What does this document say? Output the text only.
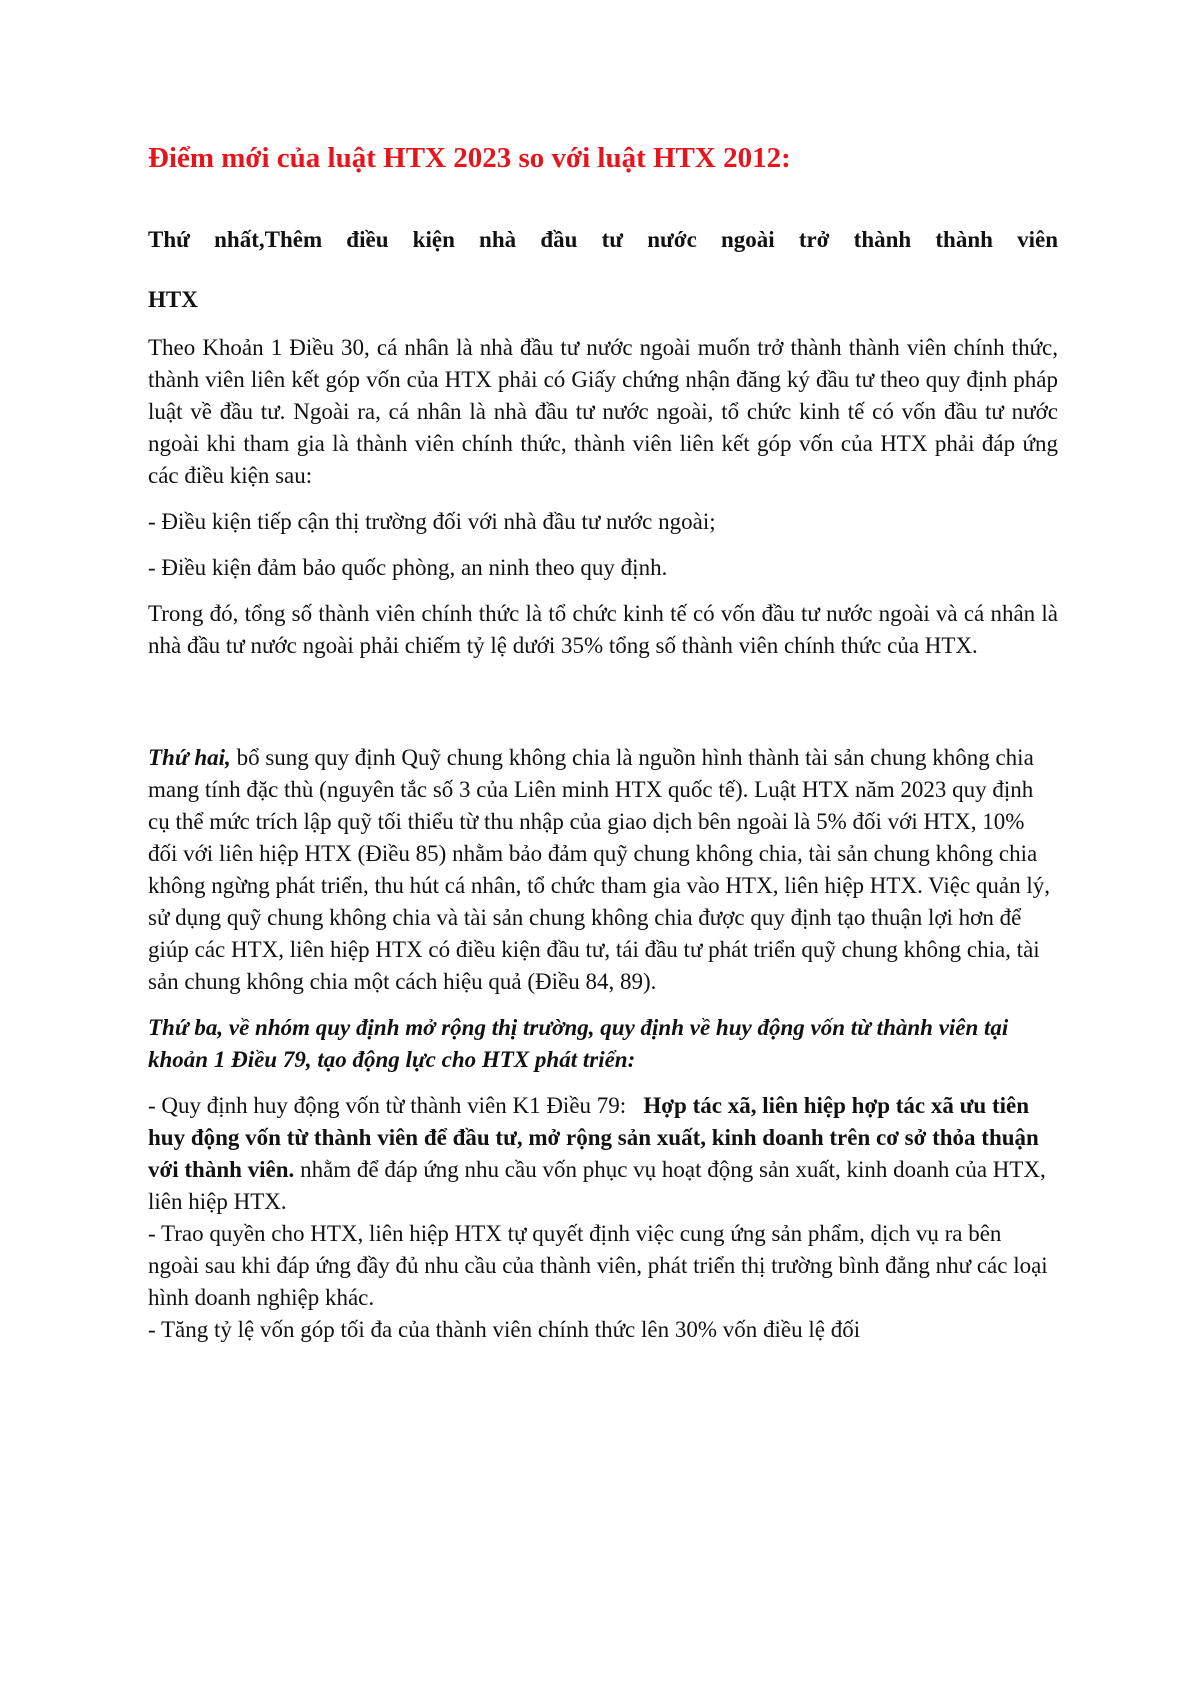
Điểm mới của luật HTX 2023 so với luật HTX 2012:
Thứ nhất,Thêm điều kiện nhà đầu tư nước ngoài trở thành thành viên
HTX

Theo Khoản 1 Điều 30, cá nhân là nhà đầu tư nước ngoài muốn trở thành thành viên chính thức, thành viên liên kết góp vốn của HTX phải có Giấy chứng nhận đăng ký đầu tư theo quy định pháp luật về đầu tư. Ngoài ra, cá nhân là nhà đầu tư nước ngoài, tổ chức kinh tế có vốn đầu tư nước ngoài khi tham gia là thành viên chính thức, thành viên liên kết góp vốn của HTX phải đáp ứng các điều kiện sau:

- Điều kiện tiếp cận thị trường đối với nhà đầu tư nước ngoài;

- Điều kiện đảm bảo quốc phòng, an ninh theo quy định.

Trong đó, tổng số thành viên chính thức là tổ chức kinh tế có vốn đầu tư nước ngoài và cá nhân là nhà đầu tư nước ngoài phải chiếm tỷ lệ dưới 35% tổng số thành viên chính thức của HTX.

Thứ hai, bổ sung quy định Quỹ chung không chia là nguồn hình thành tài sản chung không chia mang tính đặc thù (nguyên tắc số 3 của Liên minh HTX quốc tế). Luật HTX năm 2023 quy định cụ thể mức trích lập quỹ tối thiểu từ thu nhập của giao dịch bên ngoài là 5% đối với HTX, 10% đối với liên hiệp HTX (Điều 85) nhằm bảo đảm quỹ chung không chia, tài sản chung không chia không ngừng phát triển, thu hút cá nhân, tổ chức tham gia vào HTX, liên hiệp HTX. Việc quản lý, sử dụng quỹ chung không chia và tài sản chung không chia được quy định tạo thuận lợi hơn để giúp các HTX, liên hiệp HTX có điều kiện đầu tư, tái đầu tư phát triển quỹ chung không chia, tài sản chung không chia một cách hiệu quả (Điều 84, 89).

Thứ ba, về nhóm quy định mở rộng thị trường, quy định về huy động vốn từ thành viên tại khoản 1 Điều 79, tạo động lực cho HTX phát triển:

- Quy định huy động vốn từ thành viên K1 Điều 79:   Hợp tác xã, liên hiệp hợp tác xã ưu tiên huy động vốn từ thành viên để đầu tư, mở rộng sản xuất, kinh doanh trên cơ sở thỏa thuận với thành viên. nhằm để đáp ứng nhu cầu vốn phục vụ hoạt động sản xuất, kinh doanh của HTX, liên hiệp HTX.

- Trao quyền cho HTX, liên hiệp HTX tự quyết định việc cung ứng sản phẩm, dịch vụ ra bên ngoài sau khi đáp ứng đầy đủ nhu cầu của thành viên, phát triển thị trường bình đẳng như các loại hình doanh nghiệp khác.

- Tăng tỷ lệ vốn góp tối đa của thành viên chính thức lên 30% vốn điều lệ đối
